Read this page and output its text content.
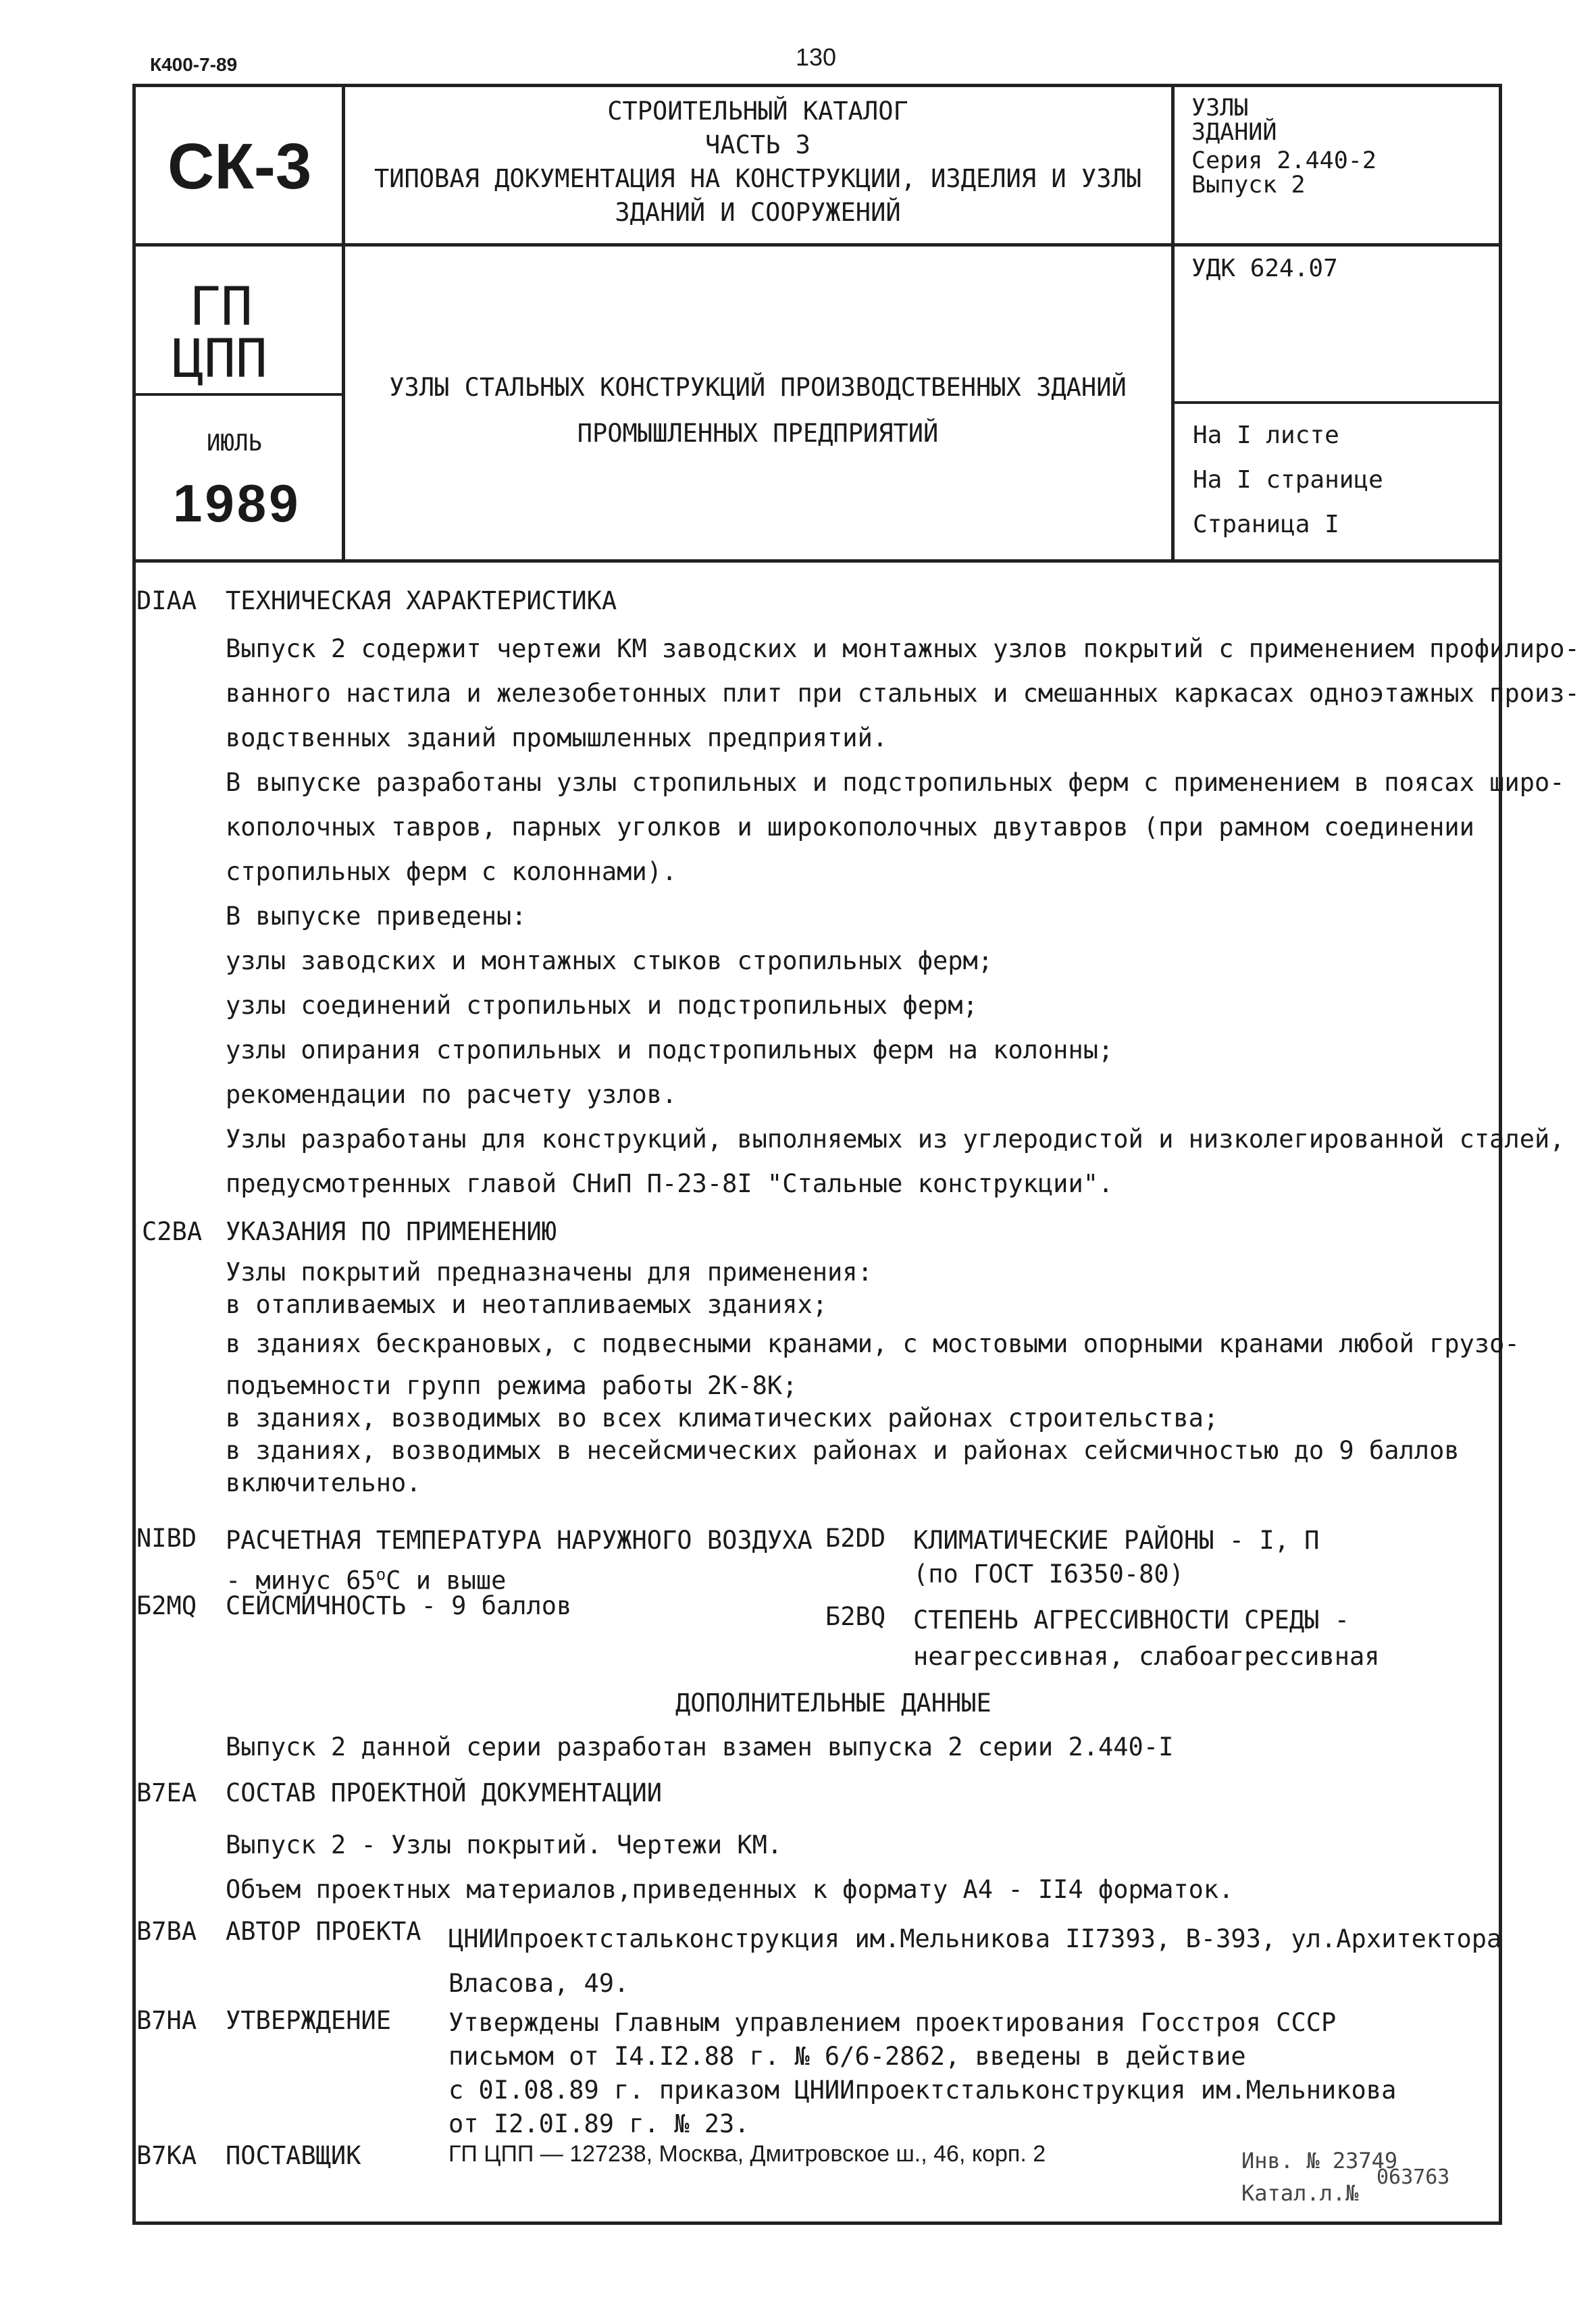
К400-7-89	130
СК-3
ГП
ЦПП
ИЮЛЬ
1989
СТРОИТЕЛЬНЫЙ КАТАЛОГ
ЧАСТЬ 3
ТИПОВАЯ ДОКУМЕНТАЦИЯ НА КОНСТРУКЦИИ, ИЗДЕЛИЯ И УЗЛЫ
ЗДАНИЙ И СООРУЖЕНИЙ
УЗЛЫ СТАЛЬНЫХ КОНСТРУКЦИЙ ПРОИЗВОДСТВЕННЫХ ЗДАНИЙ
ПРОМЫШЛЕННЫХ ПРЕДПРИЯТИЙ
УЗЛЫ
ЗДАНИЙ
Серия 2.440-2
Выпуск 2
УДК 624.07
На I листе
На I странице
Страница I
DIAA ТЕХНИЧЕСКАЯ ХАРАКТЕРИСТИКА
Выпуск 2 содержит чертежи КМ заводских и монтажных узлов покрытий с применением профилиро-
ванного настила и железобетонных плит при стальных и смешанных каркасах одноэтажных произ-
водственных зданий промышленных предприятий.
В выпуске разработаны узлы стропильных и подстропильных ферм с применением в поясах широ-
кополочных тавров, парных уголков и широкополочных двутавров (при рамном соединении
стропильных ферм с колоннами).
В выпуске приведены:
узлы заводских и монтажных стыков стропильных ферм;
узлы соединений стропильных и подстропильных ферм;
узлы опирания стропильных и подстропильных ферм на колонны;
рекомендации по расчету узлов.
Узлы разработаны для конструкций, выполняемых из углеродистой и низколегированной сталей,
предусмотренных главой СНиП П-23-8I "Стальные конструкции".
C2BA УКАЗАНИЯ ПО ПРИМЕНЕНИЮ
Узлы покрытий предназначены для применения:
в отапливаемых и неотапливаемых зданиях;
в зданиях бескрановых, с подвесными кранами, с мостовыми опорными кранами любой грузо-
подъемности групп режима работы 2К-8К;
в зданиях, возводимых во всех климатических районах строительства;
в зданиях, возводимых в несейсмических районах и районах сейсмичностью до 9 баллов
включительно.
NIBD РАСЧЕТНАЯ ТЕМПЕРАТУРА НАРУЖНОГО ВОЗДУХА
- минус $65^оС$ и выше
Б2MQ СЕЙСМИЧНОСТЬ - 9 баллов
Б2DD КЛИМАТИЧЕСКИЕ РАЙОНЫ - I, П
(по ГОСТ I6350-80)
Б2BQ СТЕПЕНЬ АГРЕССИВНОСТИ СРЕДЫ -
неагрессивная, слабоагрессивная
ДОПОЛНИТЕЛЬНЫЕ ДАННЫЕ
Выпуск 2 данной серии разработан взамен выпуска 2 серии 2.440-I
B7EA СОСТАВ ПРОЕКТНОЙ ДОКУМЕНТАЦИИ
Выпуск 2 - Узлы покрытий. Чертежи КМ.
Объем проектных материалов,приведенных к формату А4 - II4 форматок.
B7BA АВТОР ПРОЕКТА ЦНИИпроектстальконструкция им.Мельникова II7393, В-393, ул.Архитектора
Власова, 49.
B7HA УТВЕРЖДЕНИЕ Утверждены Главным управлением проектирования Госстроя СССР
письмом от I4.I2.88 г. № 6/6-2862, введены в действие
с 0I.08.89 г. приказом ЦНИИпроектстальконструкция им.Мельникова
от I2.0I.89 г. № 23.
B7KA ПОСТАВЩИК	ГП ЦПП — 127238, Москва, Дмитровское ш., 46, корп. 2	Инв. № 23749
Катал.л.№
063763
